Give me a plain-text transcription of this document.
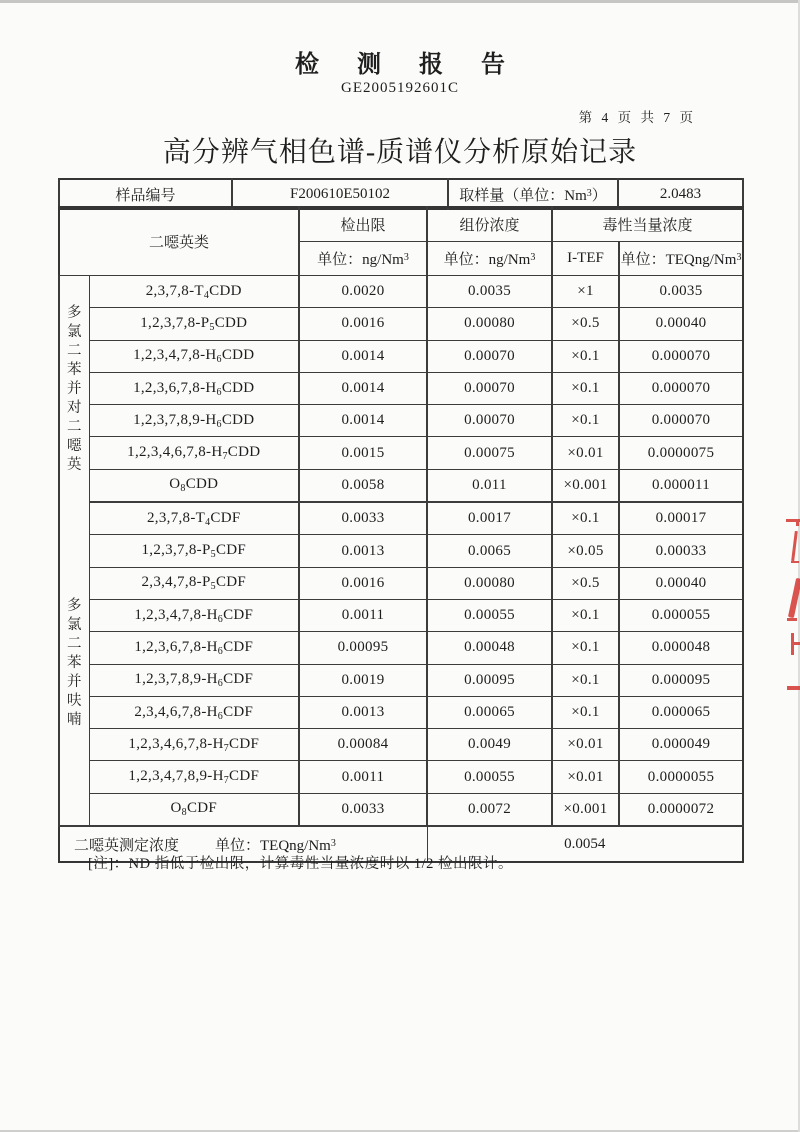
检测报告
GE2005192601C
第 4 页 共 7 页
高分辨气相色谱-质谱仪分析原始记录
样品编号	F200610E50102	取样量（单位：Nm$^3$）	2.0483
二噁英类		检出限	组份浓度	毒性当量浓度	
		单位：ng/Nm$^3$	单位：ng/Nm$^3$	I-TEF	单位：TEQng/Nm$^3$

多氯二苯并对二噁英	$2,3,7,8-T_4CDD$	0.0020	0.0035	×1	0.0035
	$1,2,3,7,8-P_5CDD$	0.0016	0.00080	×0.5	0.00040
	$1,2,3,4,7,8-H_6CDD$	0.0014	0.00070	×0.1	0.000070
	$1,2,3,6,7,8-H_6CDD$	0.0014	0.00070	×0.1	0.000070
	$1,2,3,7,8,9-H_6CDD$	0.0014	0.00070	×0.1	0.000070
	$1,2,3,4,6,7,8-H_7CDD$	0.0015	0.00075	×0.01	0.0000075
	$O_8CDD$	0.0058	0.011	×0.001	0.000011

多氯二苯并呋喃	$2,3,7,8-T_4CDF$	0.0033	0.0017	×0.1	0.00017
	$1,2,3,7,8-P_5CDF$	0.0013	0.0065	×0.05	0.00033
	$2,3,4,7,8-P_5CDF$	0.0016	0.00080	×0.5	0.00040
	$1,2,3,4,7,8-H_6CDF$	0.0011	0.00055	×0.1	0.000055
	$1,2,3,6,7,8-H_6CDF$	0.00095	0.00048	×0.1	0.000048
	$1,2,3,7,8,9-H_6CDF$	0.0019	0.00095	×0.1	0.000095
	$2,3,4,6,7,8-H_6CDF$	0.0013	0.00065	×0.1	0.000065
	$1,2,3,4,6,7,8-H_7CDF$	0.00084	0.0049	×0.01	0.000049
	$1,2,3,4,7,8,9-H_7CDF$	0.0011	0.00055	×0.01	0.0000055
	$O_8CDF$	0.0033	0.0072	×0.001	0.0000072
二噁英测定浓度 单位：TEQng/Nm$^3$			0.0054		
[注]：ND 指低于检出限，计算毒性当量浓度时以 1/2 检出限计。
